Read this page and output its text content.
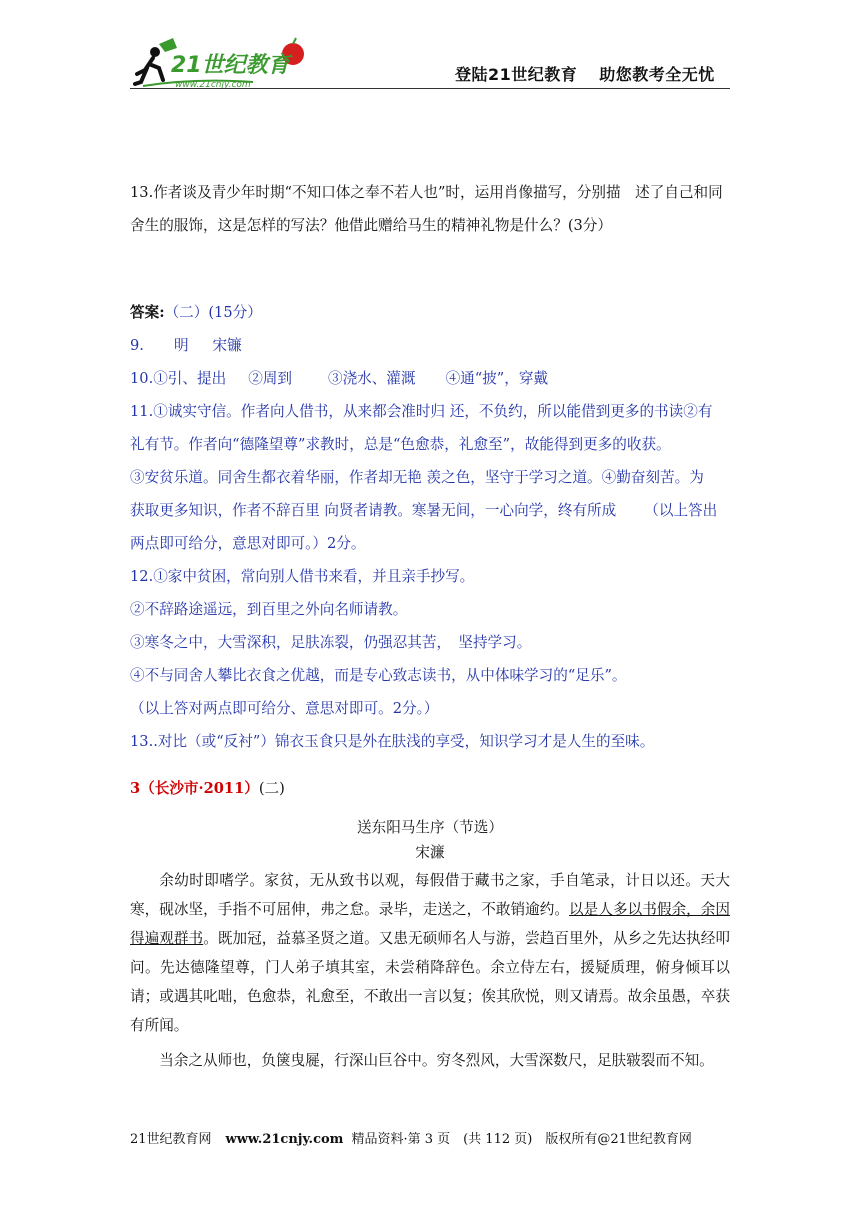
21世纪教育
www.21cnjy.com
登陆21世纪教育 助您教考全无忧

13.作者谈及青少年时期“不知口体之奉不若人也”时，运用肖像描写，分别描　述了自己和同舍生的服饰，这是怎样的写法？他借此赠给马生的精神礼物是什么？(3分）

答案:（二）(15分）
9. 明 宋镰
10.①引、提出 ②周到 ③浇水、灌溉 ④通“披”，穿戴
11.①诚实守信。作者向人借书，从来都会准时归 还，不负约，所以能借到更多的书读②有
礼有节。作者向“德隆望尊”求教时，总是“色愈恭，礼愈至”，故能得到更多的收获。
③安贫乐道。同舍生都衣着华丽，作者却无艳 羡之色，坚守于学习之道。④勤奋刻苦。为
获取更多知识，作者不辞百里 向贤者请教。寒暑无间，一心向学，终有所成 （以上答出
两点即可给分，意思对即可。）2分。
12.①家中贫困，常向别人借书来看，并且亲手抄写。
②不辞路途遥远，到百里之外向名师请教。
③寒冬之中，大雪深积，足肤冻裂，仍强忍其苦，　坚持学习。
④不与同舍人攀比衣食之优越，而是专心致志读书，从中体味学习的“足乐”。
（以上答对两点即可给分、意思对即可。2分。）
13..对比（或“反衬”）锦衣玉食只是外在肤浅的享受，知识学习才是人生的至味。
3（长沙市·2011）(二)
送东阳马生序（节选）
宋濂

余幼时即嗜学。家贫，无从致书以观，每假借于藏书之家，手自笔录，计日以还。天大寒，砚冰坚，手指不可屈伸，弗之怠。录毕，走送之，不敢销逾约。以是人多以书假余，余因得遍观群书。既加冠，益慕圣贤之道。又患无硕师名人与游，尝趋百里外，从乡之先达执经叩问。先达德隆望尊，门人弟子填其室，未尝稍降辞色。余立侍左右，援疑质理，俯身倾耳以请；或遇其叱咄，色愈恭，礼愈至，不敢出一言以复；俟其欣悦，则又请焉。故余虽愚，卒获有所闻。

当余之从师也，负箧曳屣，行深山巨谷中。穷冬烈风，大雪深数尺，足肤皲裂而不知。

21世纪教育网 www.21cnjy.com 精品资料·第 3 页　(共 112 页)　版权所有@21世纪教育网
